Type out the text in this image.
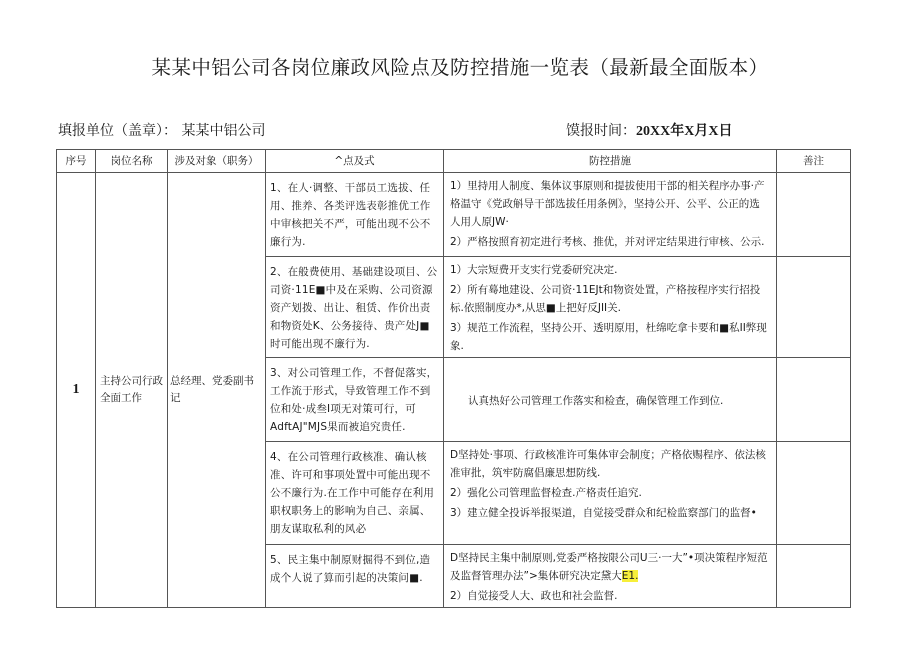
某某中铝公司各岗位廉政风险点及防控措施一览表（最新最全面版本）
填报单位（盖章）： 某某中铝公司	馍报时间：20XX年X月X日
序号	岗位名称	涉及对象（职务）	^点及式	防控措施	善注
1	主持公司行政全面工作	总经理、党委副书记	1、在人·调整、干部员工选拔、任用、推养、各类评选表彰推优工作中审核把关不严，可能出现不公不廉行为.	1）里持用人制度、集体议事原则和提拔使用干部的相关程序办事·产格温守《党政斛导干部选拔任用条例》，坚持公开、公平、公正的选人用人原JW·
2）严格按照育初定进行考核、推优，并对评定结果进行审核、公示.	

			2、在般费使用、基础建设项目、公司资·11E■中及在采购、公司资源资产划拨、出让、租赁、作价出责和物资处K、公务接待、贵产处J■时可能出现不廉行为.	1）大宗短费开支实行党委研究决定.
2）所有蓦地建设、公司资·11EJt和物资处置，产格按程序实行招投标.依照制度办*,从思■上把好反JII关.
3）规范工作流程，坚持公开、透明原用，杜绵吃拿卡要和■私II弊现象.	

			3、对公司管理工作，不督促落实，工作流于形式，导致管理工作不到位和处·成叁I项无对策可行，可AdftAJ"MJS果而被追究贵任.	认真热好公司管理工作落实和检查，确保管理工作到位.	

			4、在公司管理行政核准、确认核准、许可和事项处置中可能出现不公不廉行为.在工作中可能存在利用职权职务上的影响为自己、亲属、朋友谋取私利的风必	D坚持处·事项、行政核准许可集体审会制度；产格依赐程序、依法核准审批，筑牢防腐倡廉思想防线.
2）强化公司管理监督检查.产格责任追究.
3）建立健全投诉举报渠道，自觉接受群众和纪检监察部门的监督•	

			5、民主集中制原财掘得不到位,造成个人说了算而引起的决策问■.	D坚持民主集中制原则,党委严格按限公司U三·一大”•项决策程序短范及监督管理办法”>集体研究决定黛大E1.
2）自觉接受人大、政也和社会监督.	
